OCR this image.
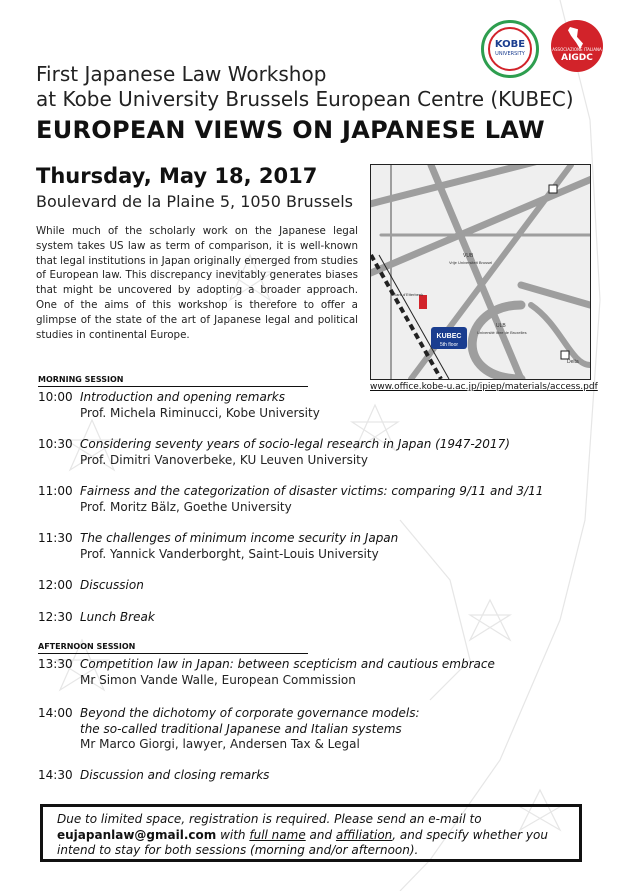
KOBE
UNIVERSITY
ASSOCIAZIONE ITALIANA
AIGDC
First Japanese Law Workshop
at Kobe University Brussels European Centre (KUBEC)
EUROPEAN VIEWS ON JAPANESE LAW
Thursday, May 18, 2017
Boulevard de la Plaine 5, 1050 Brussels
While much of the scholarly work on the Japanese legal system takes US law as term of comparison, it is well-known that legal institutions in Japan originally emerged from studies of European law. This discrepancy inevitably generates biases that might be uncovered by adopting a broader approach. One of the aims of this workshop is therefore to offer a glimpse of the state of the art of Japanese legal and political studies in continental Europe.	KUBEC
5th floor
VUB
Vrije Universiteit Brussel
ULB
Université libre de Bruxelles
Delta
Gare d'Etterbeek
www.office.kobe-u.ac.jp/ipiep/materials/access.pdf
MORNING SESSION
10:00 Introduction and opening remarks
Prof. Michela Riminucci, Kobe University
10:30 Considering seventy years of socio-legal research in Japan (1947-2017)
Prof. Dimitri Vanoverbeke, KU Leuven University
11:00 Fairness and the categorization of disaster victims: comparing 9/11 and 3/11
Prof. Moritz Bälz, Goethe University
11:30 The challenges of minimum income security in Japan
Prof. Yannick Vanderborght, Saint-Louis University
12:00 Discussion
12:30 Lunch Break
AFTERNOON SESSION
13:30 Competition law in Japan: between scepticism and cautious embrace
Mr Simon Vande Walle, European Commission
14:00 Beyond the dichotomy of corporate governance models:
the so-called traditional Japanese and Italian systems
Mr Marco Giorgi, lawyer, Andersen Tax & Legal
14:30 Discussion and closing remarks
Due to limited space, registration is required. Please send an e-mail to
eujapanlaw@gmail.com with full name and affiliation, and specify whether you
intend to stay for both sessions (morning and/or afternoon).
